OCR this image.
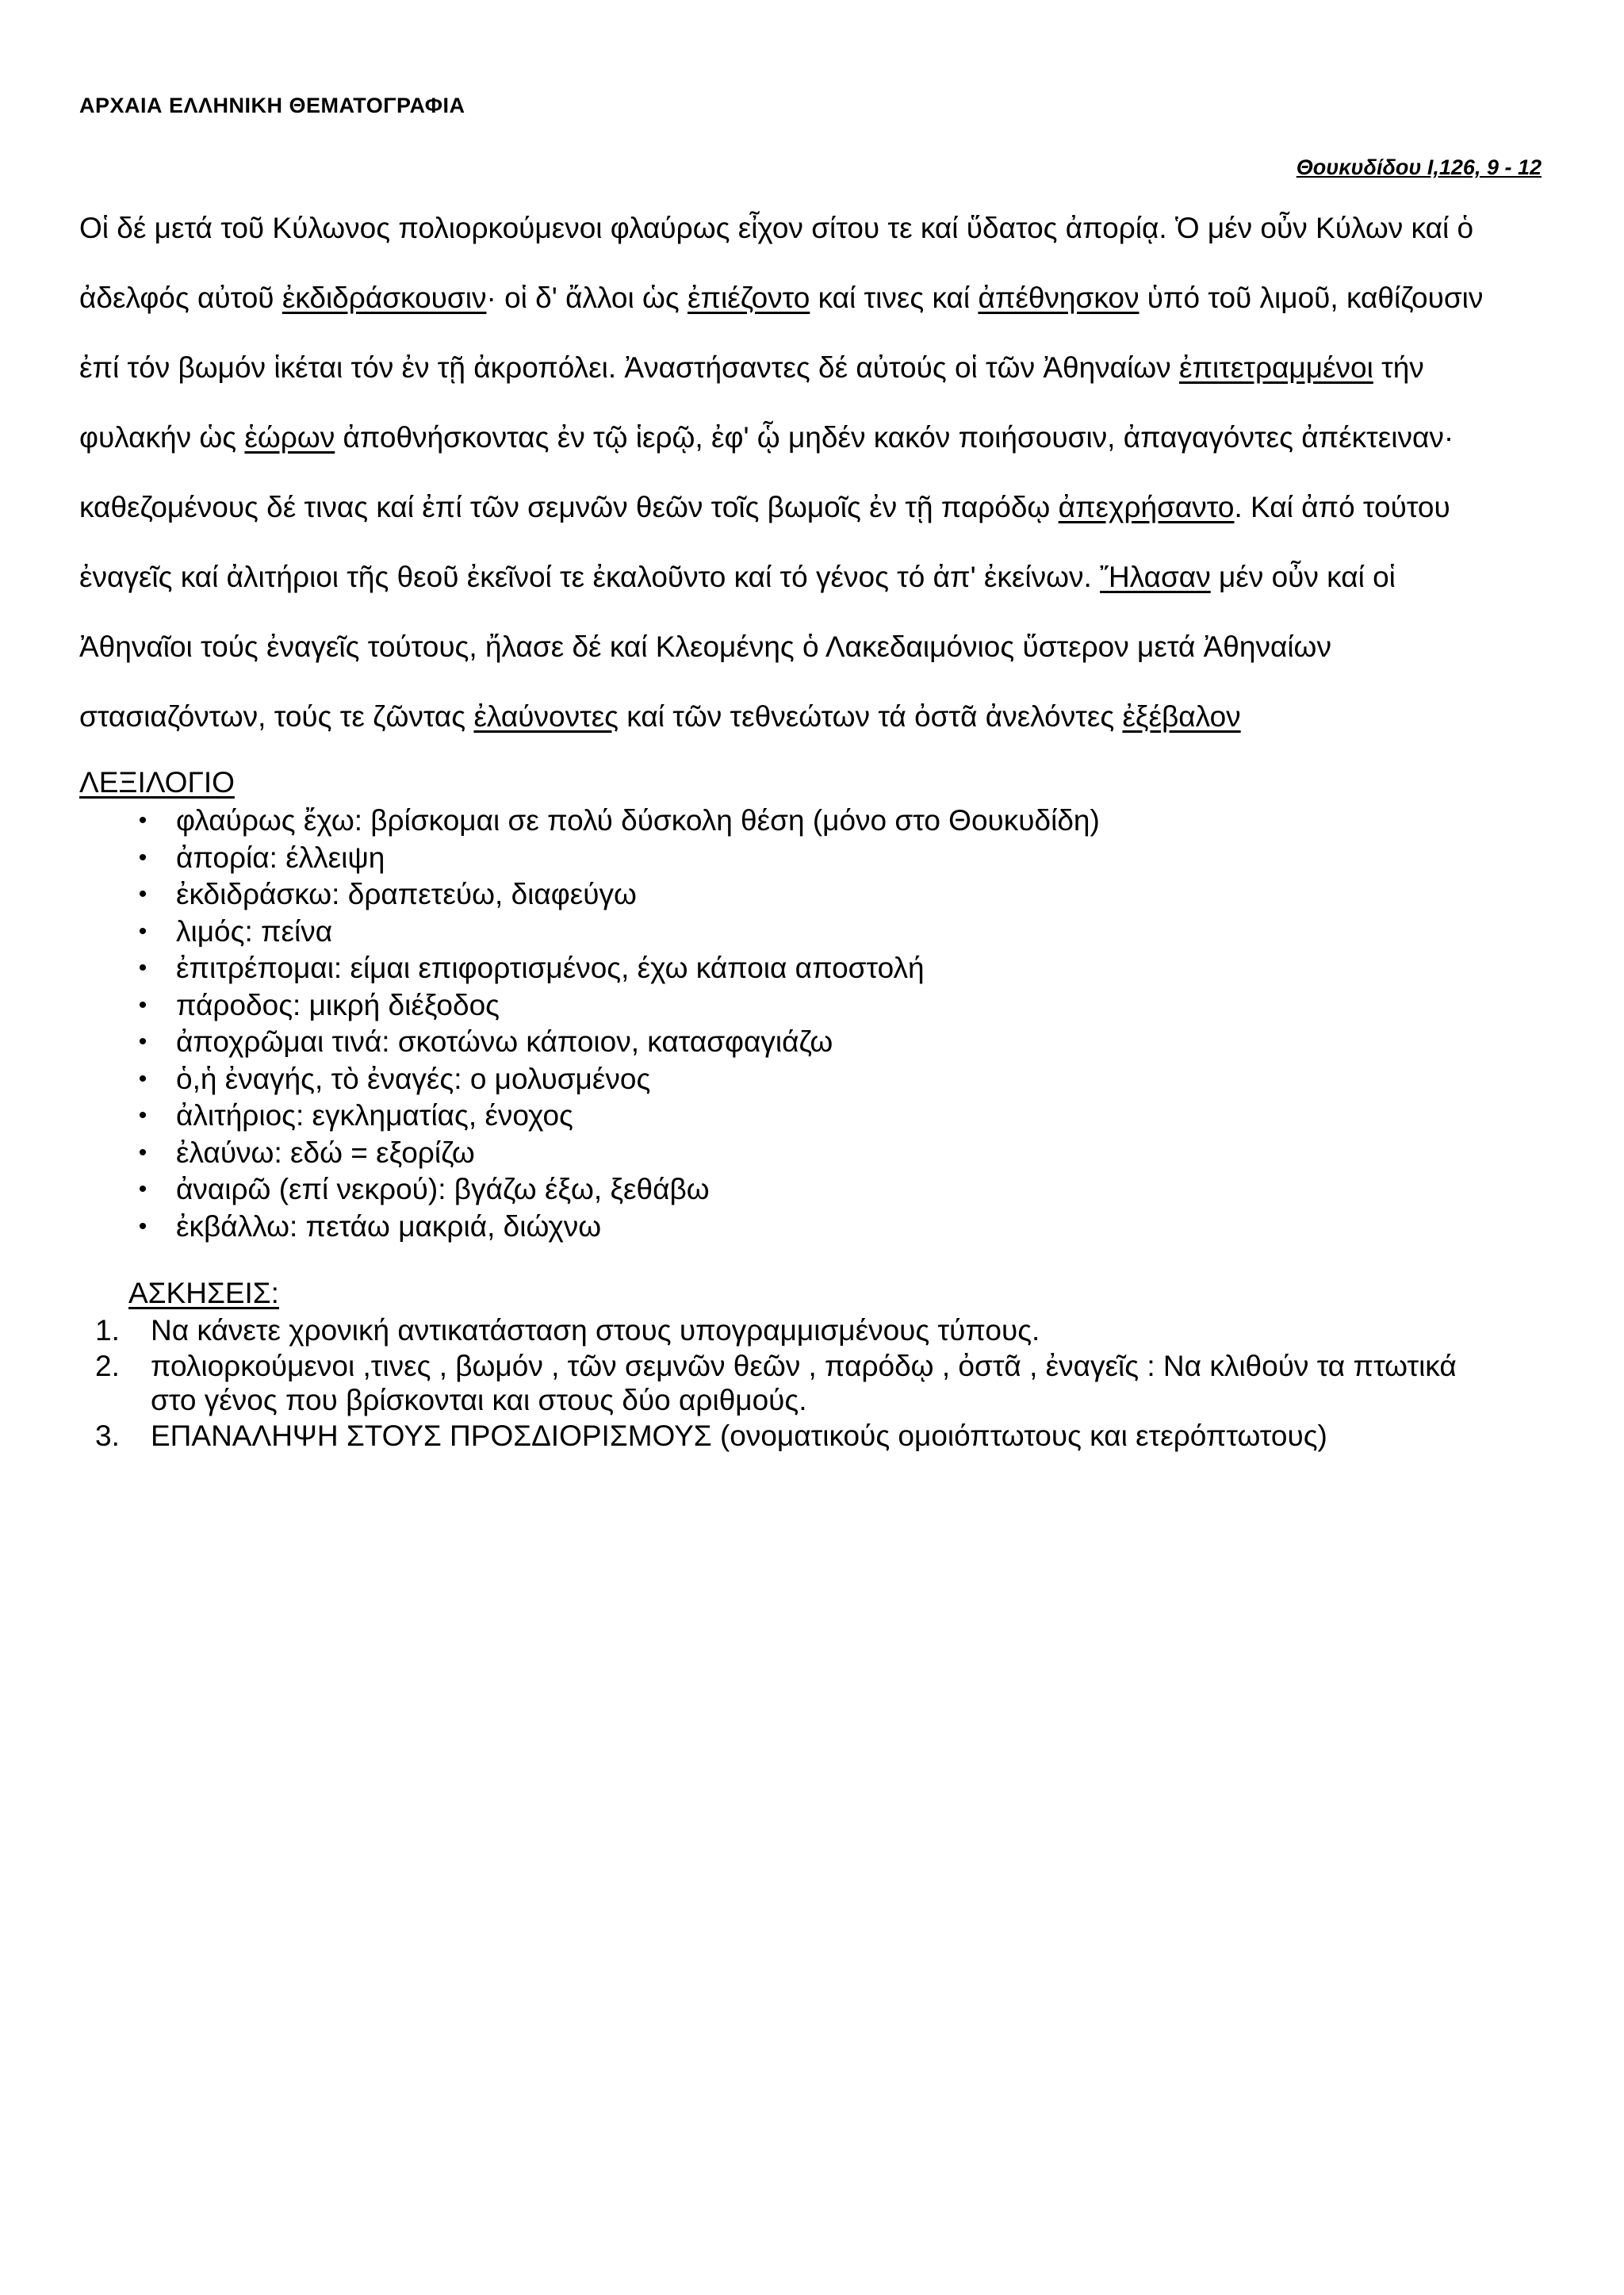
ΑΡΧΑΙΑ ΕΛΛΗΝΙΚΗ ΘΕΜΑΤΟΓΡΑΦΙΑ
Θουκυδίδου Ι,126, 9 - 12
Οἱ δέ μετά τοῦ Κύλωνος πολιορκούμενοι φλαύρως εἶχον σίτου τε καί ὕδατος ἀπορίᾳ. Ὁ μέν οὖν Κύλων καί ὁ
ἀδελφός αὐτοῦ ἐκδιδράσκουσιν· οἱ δ' ἄλλοι ὡς ἐπιέζοντο καί τινες καί ἀπέθνησκον ὑπό τοῦ λιμοῦ, καθίζουσιν
ἐπί τόν βωμόν ἱκέται τόν ἐν τῇ ἀκροπόλει. Ἀναστήσαντες δέ αὐτούς οἱ τῶν Ἀθηναίων ἐπιτετραμμένοι τήν
φυλακήν ὡς ἑώρων ἀποθνήσκοντας ἐν τῷ ἱερῷ, ἐφ' ᾧ μηδέν κακόν ποιήσουσιν, ἀπαγαγόντες ἀπέκτειναν·
καθεζομένους δέ τινας καί ἐπί τῶν σεμνῶν θεῶν τοῖς βωμοῖς ἐν τῇ παρόδῳ ἀπεχρήσαντο. Καί ἀπό τούτου
ἐναγεῖς καί ἀλιτήριοι τῆς θεοῦ ἐκεῖνοί τε ἐκαλοῦντο καί τό γένος τό ἀπ' ἐκείνων. Ἤλασαν μέν οὖν καί οἱ
Ἀθηναῖοι τούς ἐναγεῖς τούτους, ἤλασε δέ καί Κλεομένης ὁ Λακεδαιμόνιος ὕστερον μετά Ἀθηναίων
στασιαζόντων, τούς τε ζῶντας ἐλαύνοντες καί τῶν τεθνεώτων τά ὀστᾶ ἀνελόντες ἐξέβαλον
ΛΕΞΙΛΟΓΙΟ
• φλαύρως ἔχω: βρίσκομαι σε πολύ δύσκολη θέση (μόνο στο Θουκυδίδη)
• ἀπορία: έλλειψη
• ἐκδιδράσκω: δραπετεύω, διαφεύγω
• λιμός: πείνα
• ἐπιτρέπομαι: είμαι επιφορτισμένος, έχω κάποια αποστολή
• πάροδος: μικρή διέξοδος
• ἀποχρῶμαι τινά: σκοτώνω κάποιον, κατασφαγιάζω
• ὁ,ἡ ἐναγής, τὸ ἐναγές: ο μολυσμένος
• ἀλιτήριος: εγκληματίας, ένοχος
• ἐλαύνω: εδώ = εξορίζω
• ἀναιρῶ (επί νεκρού): βγάζω έξω, ξεθάβω
• ἐκβάλλω: πετάω μακριά, διώχνω
ΑΣΚΗΣΕΙΣ:
1. Να κάνετε χρονική αντικατάσταση στους υπογραμμισμένους τύπους.
2. πολιορκούμενοι ,τινες , βωμόν , τῶν σεμνῶν θεῶν , παρόδῳ , ὀστᾶ , ἐναγεῖς : Να κλιθούν τα πτωτικά στο γένος που βρίσκονται και στους δύο αριθμούς.
3. ΕΠΑΝΑΛΗΨΗ ΣΤΟΥΣ ΠΡΟΣΔΙΟΡΙΣΜΟΥΣ (ονοματικούς ομοιόπτωτους και ετερόπτωτους)
